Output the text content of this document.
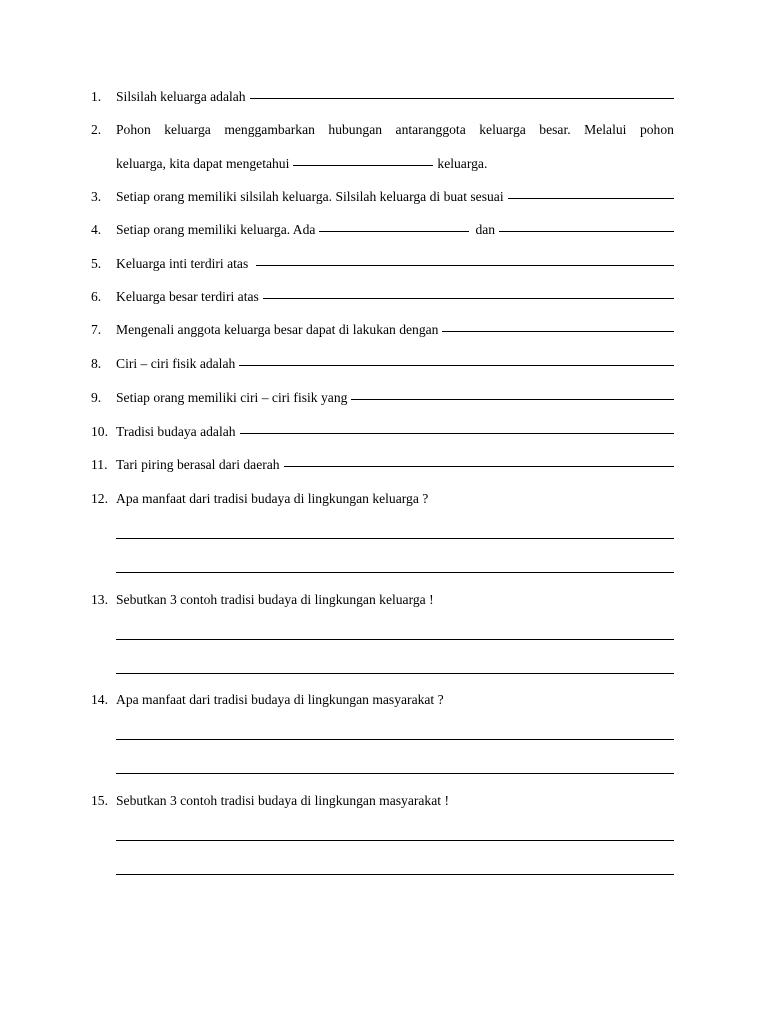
1.	Silsilah keluarga adalah
2.	Pohon keluarga menggambarkan hubungan antaranggota keluarga besar. Melalui pohon
keluarga, kita dapat mengetahui	keluarga.
3.	Setiap orang memiliki silsilah keluarga. Silsilah keluarga di buat sesuai
4.	Setiap orang memiliki keluarga. Ada	dan
5.	Keluarga inti terdiri atas
6.	Keluarga besar terdiri atas
7.	Mengenali anggota keluarga besar dapat di lakukan dengan
8.	Ciri – ciri fisik adalah
9.	Setiap orang memiliki ciri – ciri fisik yang
10. Tradisi budaya adalah
11. Tari piring berasal dari daerah
12. Apa manfaat dari tradisi budaya di lingkungan keluarga ?
13. Sebutkan 3 contoh tradisi budaya di lingkungan keluarga !
14. Apa manfaat dari tradisi budaya di lingkungan masyarakat ?
15. Sebutkan 3 contoh tradisi budaya di lingkungan masyarakat !
